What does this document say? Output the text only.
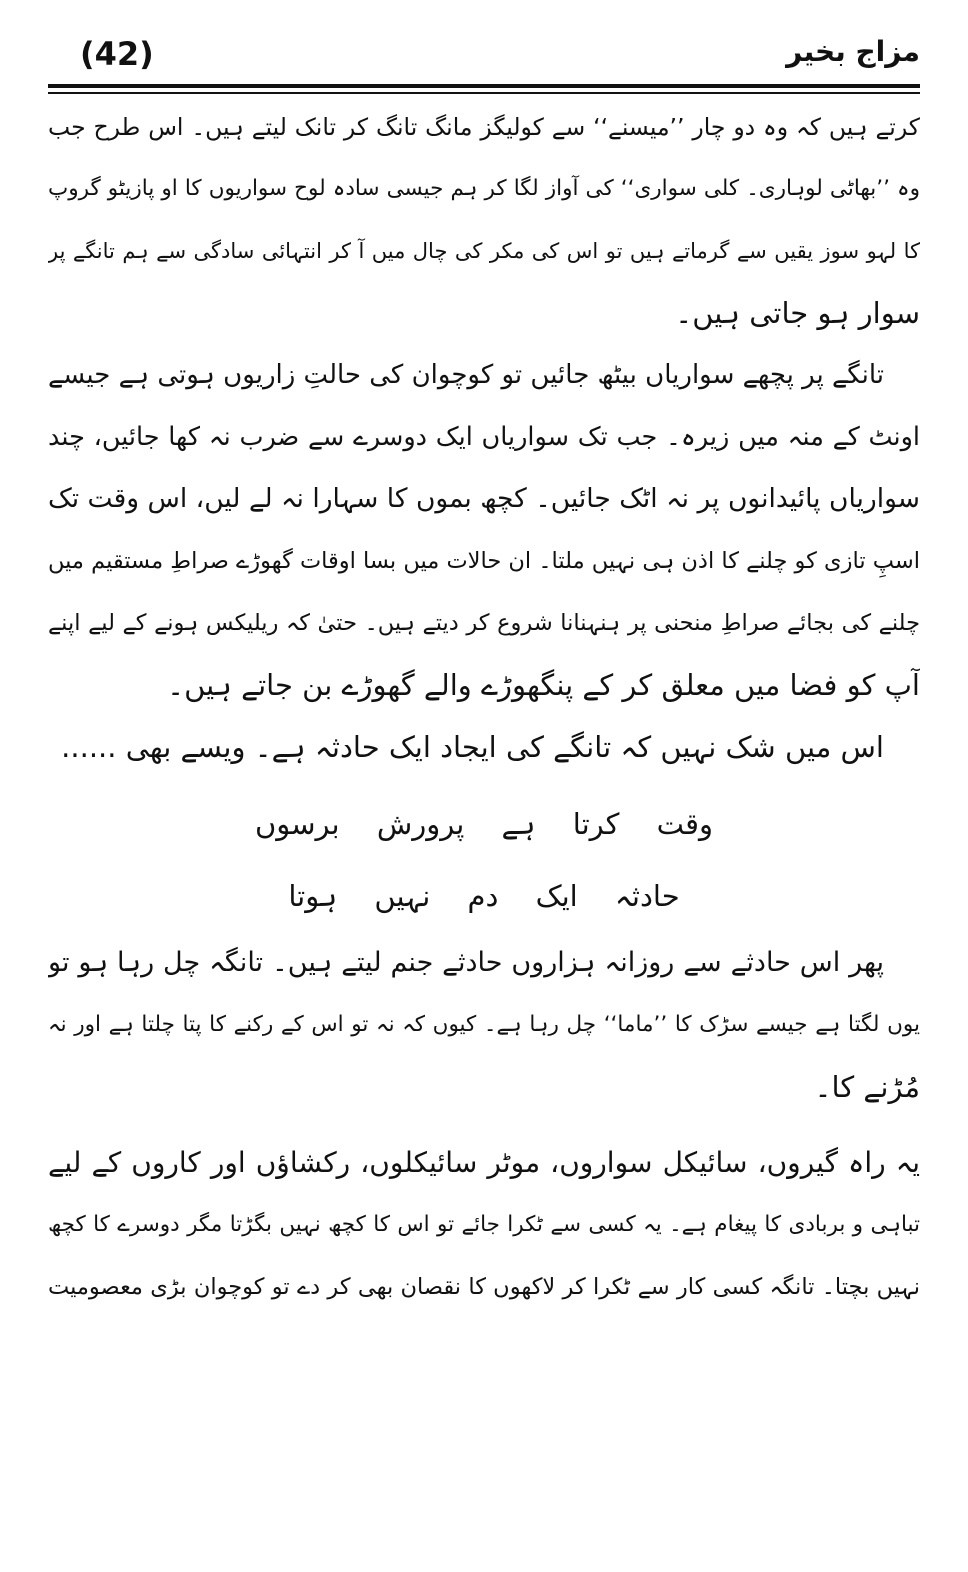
(42)	مزاج بخیر
کرتے ہیں کہ وہ دو چار ’’میسنے‘‘ سے کولیگز مانگ تانگ کر تانک لیتے ہیں۔ اس طرح جب
وہ ’’بھاٹی لوہاری۔ کلی سواری‘‘ کی آواز لگا کر ہم جیسی سادہ لوح سواریوں کا او پازیٹو گروپ
کا لہو سوز یقیں سے گرماتے ہیں تو اس کی مکر کی چال میں آ کر انتہائی سادگی سے ہم تانگے پر
سوار ہو جاتی ہیں۔
تانگے پر پچھے سواریاں بیٹھ جائیں تو کوچوان کی حالتِ زاریوں ہوتی ہے جیسے
اونٹ کے منہ میں زیرہ۔ جب تک سواریاں ایک دوسرے سے ضرب نہ کھا جائیں، چند
سواریاں پائیدانوں پر نہ اٹک جائیں۔ کچھ بموں کا سہارا نہ لے لیں، اس وقت تک
اسپِ تازی کو چلنے کا اذن ہی نہیں ملتا۔ ان حالات میں بسا اوقات گھوڑے صراطِ مستقیم میں
چلنے کی بجائے صراطِ منحنی پر ہنہنانا شروع کر دیتے ہیں۔ حتیٰ کہ ریلیکس ہونے کے لیے اپنے
آپ کو فضا میں معلق کر کے پنگھوڑے والے گھوڑے بن جاتے ہیں۔
اس میں شک نہیں کہ تانگے کی ایجاد ایک حادثہ ہے۔ ویسے بھی ......
وقت کرتا ہے پرورش برسوں
حادثہ ایک دم نہیں ہوتا
پھر اس حادثے سے روزانہ ہزاروں حادثے جنم لیتے ہیں۔ تانگہ چل رہا ہو تو
یوں لگتا ہے جیسے سڑک کا ’’ماما‘‘ چل رہا ہے۔ کیوں کہ نہ تو اس کے رکنے کا پتا چلتا ہے اور نہ
مُڑنے کا۔
یہ راہ گیروں، سائیکل سواروں، موٹر سائیکلوں، رکشاؤں اور کاروں کے لیے
تباہی و بربادی کا پیغام ہے۔ یہ کسی سے ٹکرا جائے تو اس کا کچھ نہیں بگڑتا مگر دوسرے کا کچھ
نہیں بچتا۔ تانگہ کسی کار سے ٹکرا کر لاکھوں کا نقصان بھی کر دے تو کوچوان بڑی معصومیت
